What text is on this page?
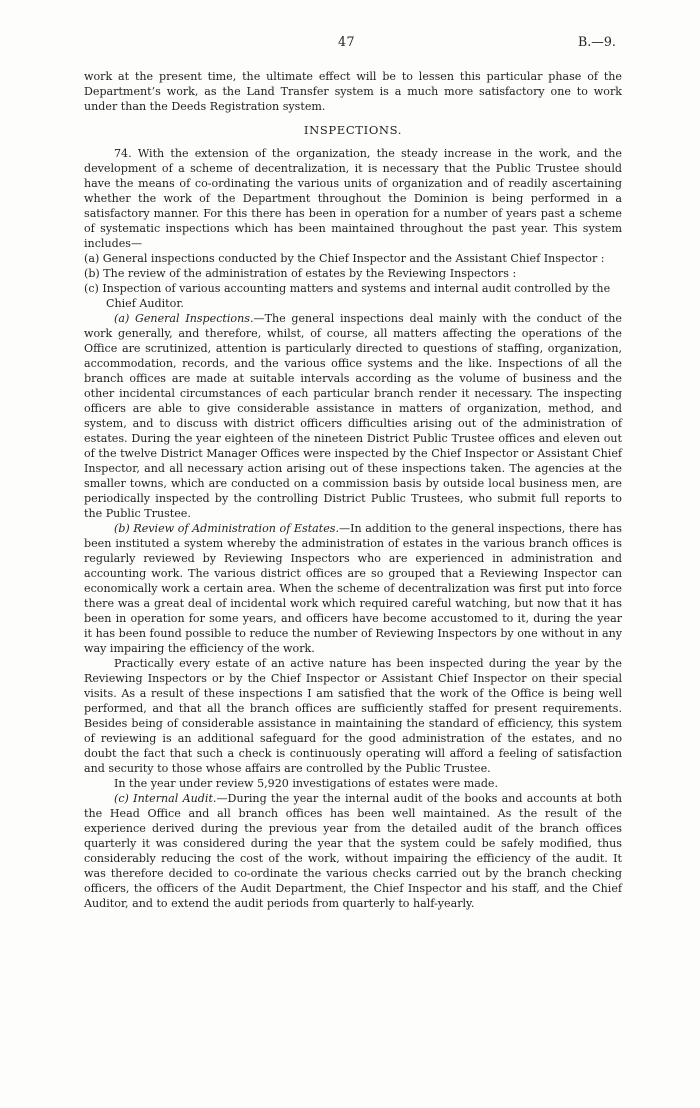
47	B.—9.

work at the present time, the ultimate effect will be to lessen this particular phase of the Department’s work, as the Land Transfer system is a much more satisfactory one to work under than the Deeds Registration system.

INSPECTIONS.

74. With the extension of the organization, the steady increase in the work, and the development of a scheme of decentralization, it is necessary that the Public Trustee should have the means of co-ordinating the various units of organization and of readily ascertaining whether the work of the Department throughout the Dominion is being performed in a satisfactory manner. For this there has been in operation for a number of years past a scheme of systematic inspections which has been maintained throughout the past year. This system includes—

(a) General inspections conducted by the Chief Inspector and the Assistant Chief Inspector :

(b) The review of the administration of estates by the Reviewing Inspectors :

(c) Inspection of various accounting matters and systems and internal audit controlled by the Chief Auditor.

(a) General Inspections.—The general inspections deal mainly with the conduct of the work generally, and therefore, whilst, of course, all matters affecting the operations of the Office are scrutinized, attention is particularly directed to questions of staffing, organization, accommodation, records, and the various office systems and the like. Inspections of all the branch offices are made at suitable intervals according as the volume of business and the other incidental circumstances of each particular branch render it necessary. The inspecting officers are able to give considerable assistance in matters of organization, method, and system, and to discuss with district officers difficulties arising out of the administration of estates. During the year eighteen of the nineteen District Public Trustee offices and eleven out of the twelve District Manager Offices were inspected by the Chief Inspector or Assistant Chief Inspector, and all necessary action arising out of these inspections taken. The agencies at the smaller towns, which are conducted on a commission basis by outside local business men, are periodically inspected by the controlling District Public Trustees, who submit full reports to the Public Trustee.

(b) Review of Administration of Estates.—In addition to the general inspections, there has been instituted a system whereby the administration of estates in the various branch offices is regularly reviewed by Reviewing Inspectors who are experienced in administration and accounting work. The various district offices are so grouped that a Reviewing Inspector can economically work a certain area. When the scheme of decentralization was first put into force there was a great deal of incidental work which required careful watching, but now that it has been in operation for some years, and officers have become accustomed to it, during the year it has been found possible to reduce the number of Reviewing Inspectors by one without in any way impairing the efficiency of the work.

Practically every estate of an active nature has been inspected during the year by the Reviewing Inspectors or by the Chief Inspector or Assistant Chief Inspector on their special visits. As a result of these inspections I am satisfied that the work of the Office is being well performed, and that all the branch offices are sufficiently staffed for present requirements. Besides being of considerable assistance in maintaining the standard of efficiency, this system of reviewing is an additional safeguard for the good administration of the estates, and no doubt the fact that such a check is continuously operating will afford a feeling of satisfaction and security to those whose affairs are controlled by the Public Trustee.

In the year under review 5,920 investigations of estates were made.

(c) Internal Audit.—During the year the internal audit of the books and accounts at both the Head Office and all branch offices has been well maintained. As the result of the experience derived during the previous year from the detailed audit of the branch offices quarterly it was considered during the year that the system could be safely modified, thus considerably reducing the cost of the work, without impairing the efficiency of the audit. It was therefore decided to co-ordinate the various checks carried out by the branch checking officers, the officers of the Audit Department, the Chief Inspector and his staff, and the Chief Auditor, and to extend the audit periods from quarterly to half-yearly.
